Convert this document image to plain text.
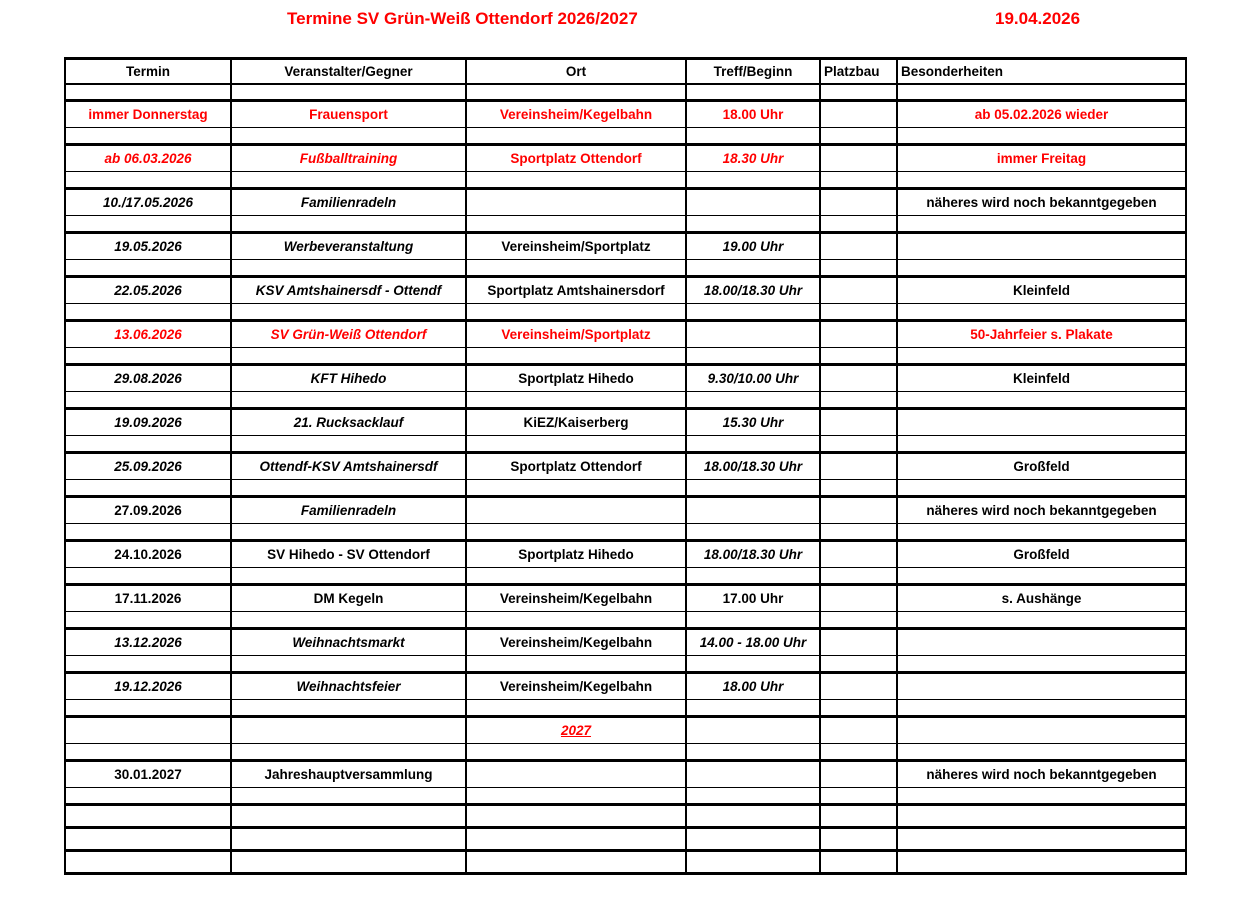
Termine SV Grün-Weiß Ottendorf 2026/2027	19.04.2026
Termin	Veranstalter/Gegner	Ort	Treff/Beginn	Platzbau	Besonderheiten

immer Donnerstag	Frauensport	Vereinsheim/Kegelbahn	18.00 Uhr		ab 05.02.2026 wieder

ab 06.03.2026	Fußballtraining	Sportplatz Ottendorf	18.30 Uhr		immer Freitag

10./17.05.2026	Familienradeln				näheres wird noch bekanntgegeben

19.05.2026	Werbeveranstaltung	Vereinsheim/Sportplatz	19.00 Uhr		

22.05.2026	KSV Amtshainersdf - Ottendf	Sportplatz Amtshainersdorf	18.00/18.30 Uhr		Kleinfeld

13.06.2026	SV Grün-Weiß Ottendorf	Vereinsheim/Sportplatz			50-Jahrfeier s. Plakate

29.08.2026	KFT Hihedo	Sportplatz Hihedo	9.30/10.00 Uhr		Kleinfeld

19.09.2026	21. Rucksacklauf	KiEZ/Kaiserberg	15.30 Uhr		

25.09.2026	Ottendf-KSV Amtshainersdf	Sportplatz Ottendorf	18.00/18.30 Uhr		Großfeld

27.09.2026	Familienradeln				näheres wird noch bekanntgegeben

24.10.2026	SV Hihedo - SV Ottendorf	Sportplatz Hihedo	18.00/18.30 Uhr		Großfeld

17.11.2026	DM Kegeln	Vereinsheim/Kegelbahn	17.00 Uhr		s. Aushänge

13.12.2026	Weihnachtsmarkt	Vereinsheim/Kegelbahn	14.00 - 18.00 Uhr		

19.12.2026	Weihnachtsfeier	Vereinsheim/Kegelbahn	18.00 Uhr		

		2027			

30.01.2027	Jahreshauptversammlung				näheres wird noch bekanntgegeben
